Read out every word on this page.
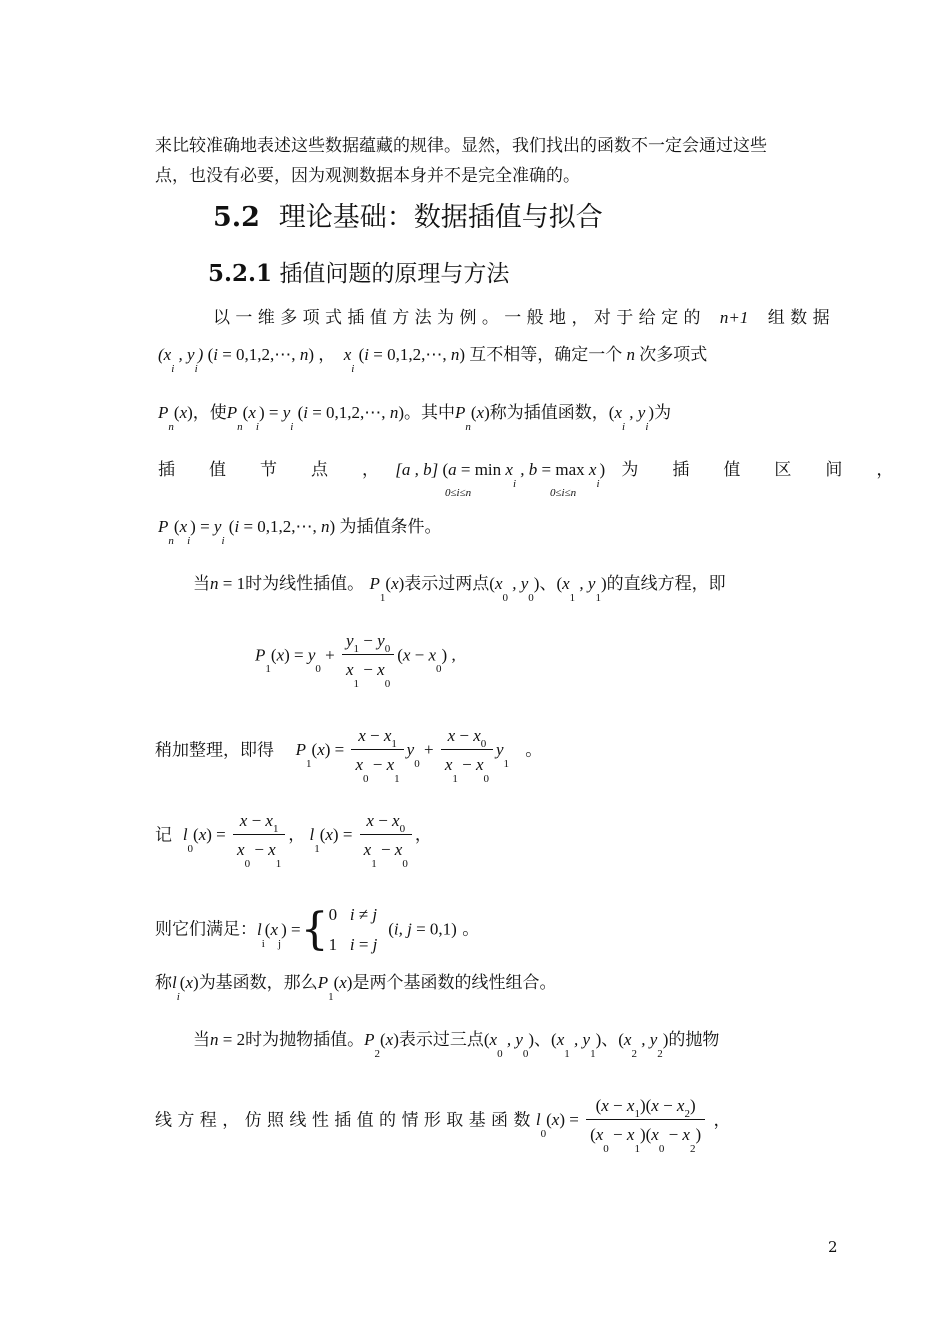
来比较准确地表述这些数据蕴藏的规律。显然，我们找出的函数不一定会通过这些
点，也没有必要，因为观测数据本身并不是完全准确的。
5.2 理论基础：数据插值与拟合
5.2.1 插值问题的原理与方法
以 一 维 多 项 式 插 值 方 法 为 例 。 一 般 地 ， 对 于 给 定 的 n+1 组 数 据
($x_i$ , $y_i$) (i = 0,1,2,⋯, n) ，  $x_i$ (i = 0,1,2,⋯, n) 互不相等，确定一个 n 次多项式
$P_n(x)$，使$P_n(x_i) = y_i$ (i = 0,1,2,⋯, n)。其中$P_n(x)$称为插值函数，($x_i$ , $y_i$)为
插　　值　　节　　点　　， [a , b] ($a = \min x_i$ , $b = \max x_i$) 为　　插　　值　　区　　间　　，
0≤i≤n	0≤i≤n
$P_n(x_i) = y_i$ (i = 0,1,2,⋯, n) 为插值条件。
当n = 1时为线性插值。 $P_1(x)$表示过两点($x_0$ , $y_0$)、($x_1$ , $y_1$)的直线方程，即
$P_1(x) = y_0 + \frac{y_1 - y_0}{x_1 - x_0} (x - x_0)$ ,
稍加整理，即得 $P_1(x) = \frac{x - x_1}{x_0 - x_1} y_0 + \frac{x - x_0}{x_1 - x_0} y_1$   。
记 $l_0(x) = \frac{x - x_1}{x_0 - x_1}$ ， $l_1(x) = \frac{x - x_0}{x_1 - x_0}$ ，
则它们满足：$l_i(x_j) =\{0$   i ≠ j
1   i = j  (i, j = 0,1) 。
称$l_i(x)$为基函数，那么$P_1(x)$是两个基函数的线性组合。
当n = 2时为抛物插值。$P_2(x)$表示过三点($x_0$ , $y_0$)、($x_1$ , $y_1$)、($x_2$ , $y_2$)的抛物
线 方 程 ， 仿 照 线 性 插 值 的 情 形 取 基 函 数 $l_0(x) = \frac{(x - x_1)(x - x_2)}{(x_0 - x_1)(x_0 - x_2)}$ ，
2
